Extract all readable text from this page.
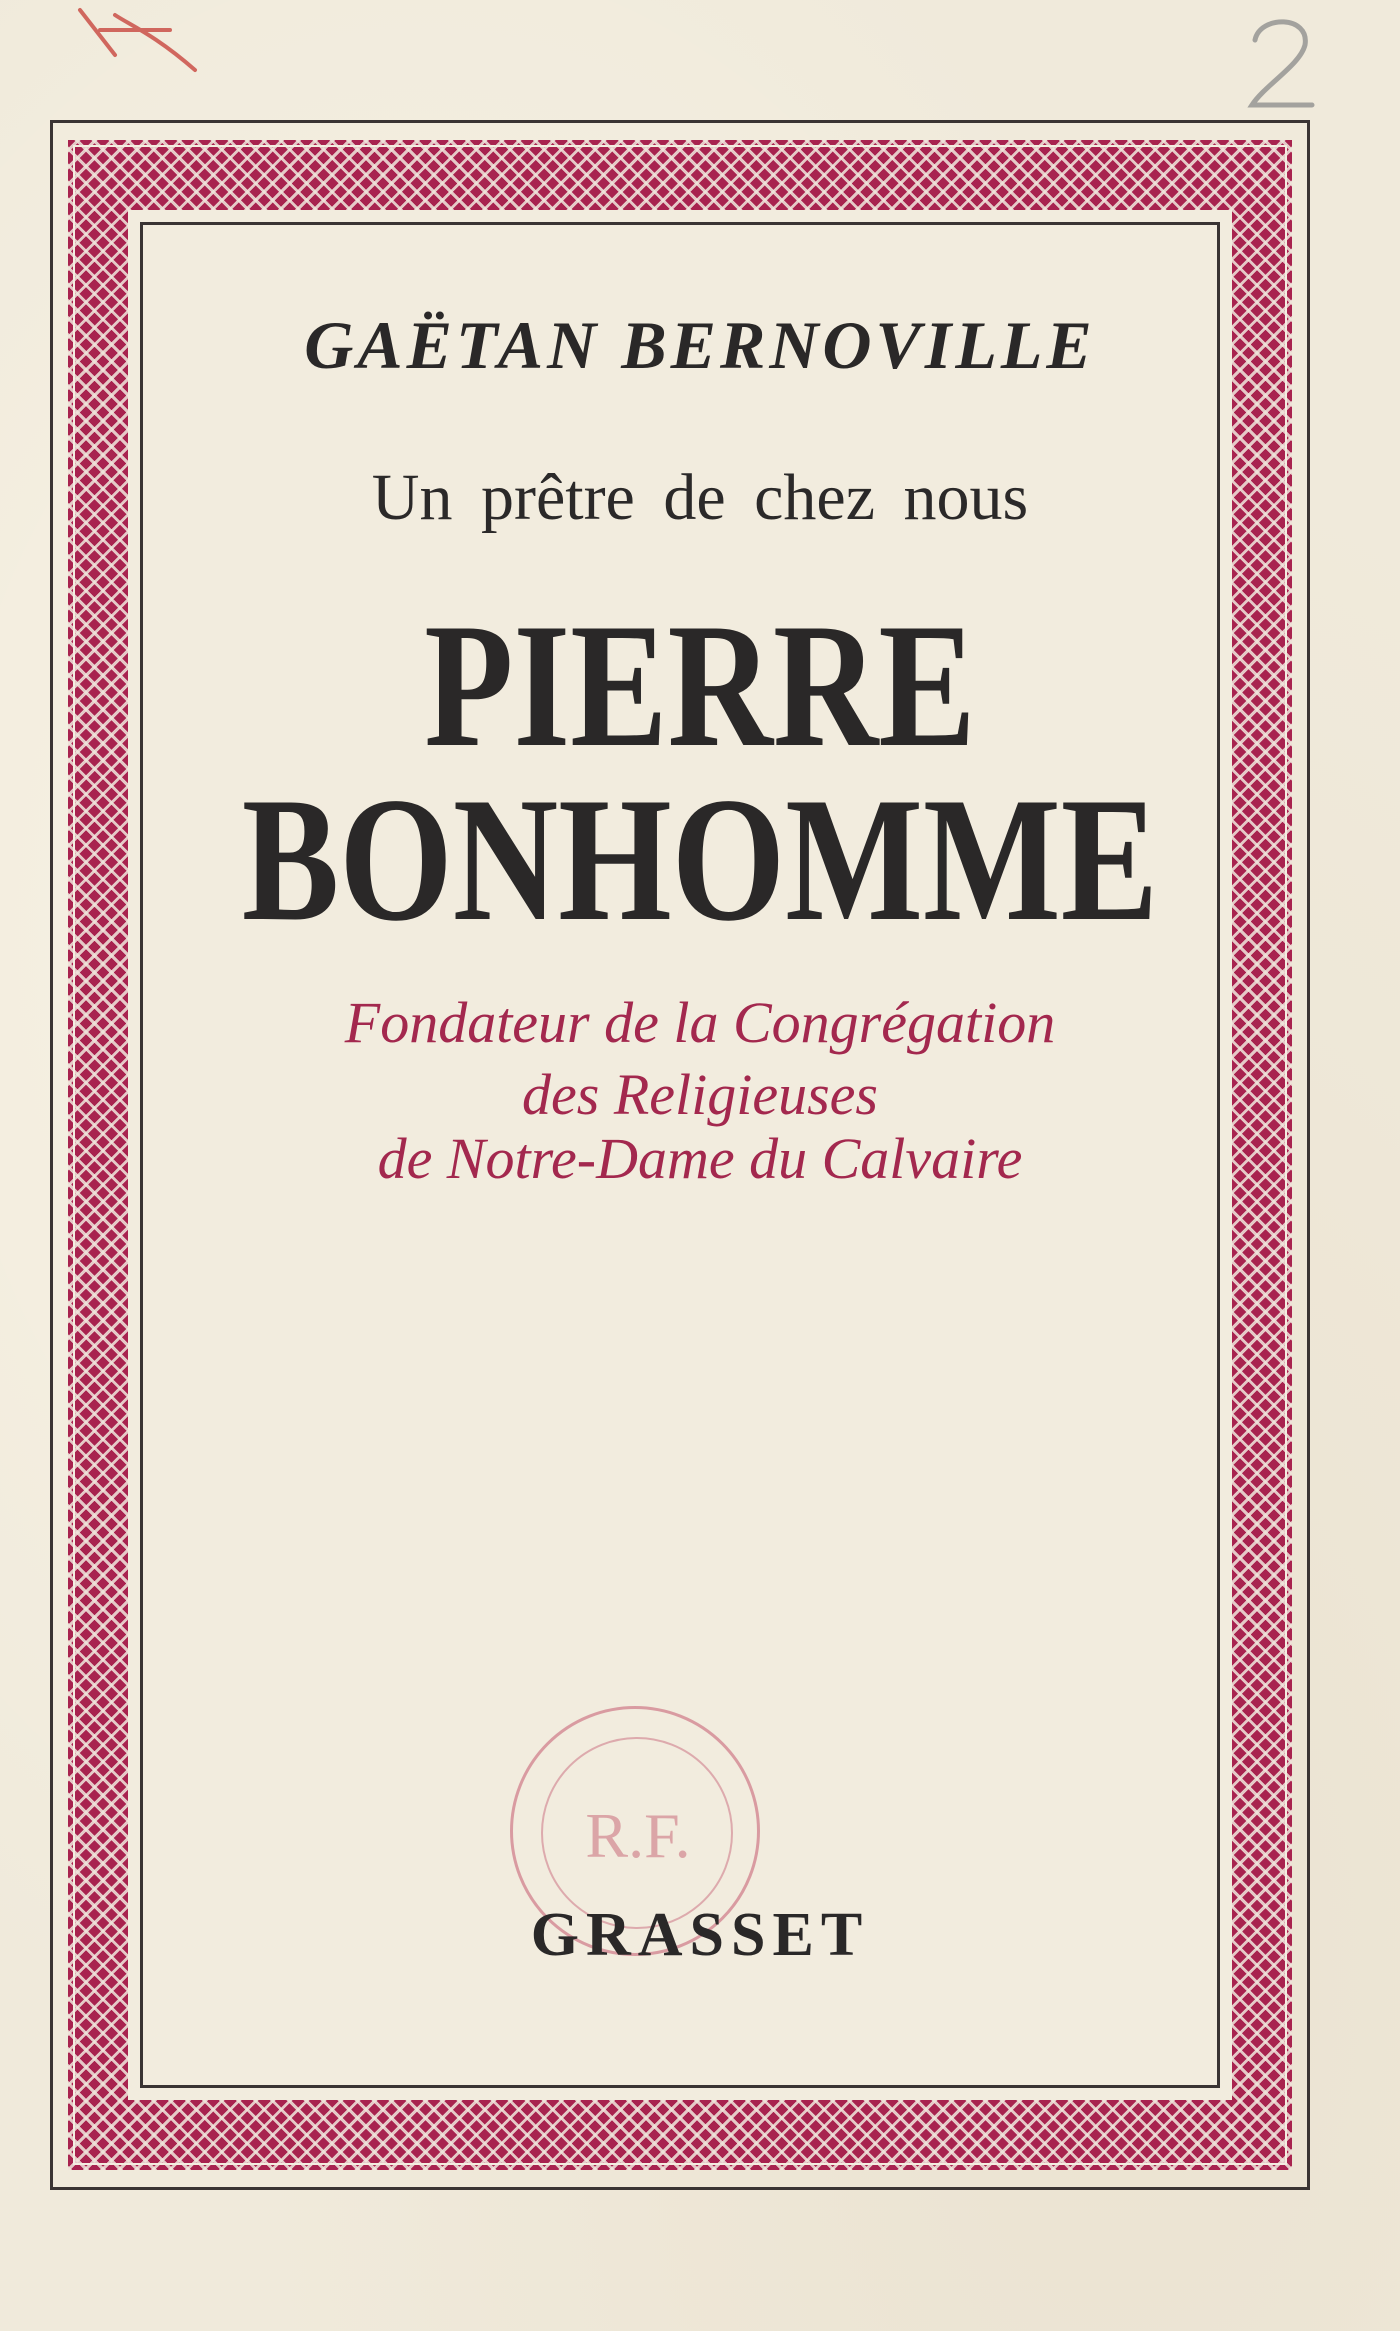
GAËTAN BERNOVILLE

Un prêtre de chez nous

PIERRE

BONHOMME

Fondateur de la Congrégation

des Religieuses

de Notre-Dame du Calvaire

R.F.

GRASSET
